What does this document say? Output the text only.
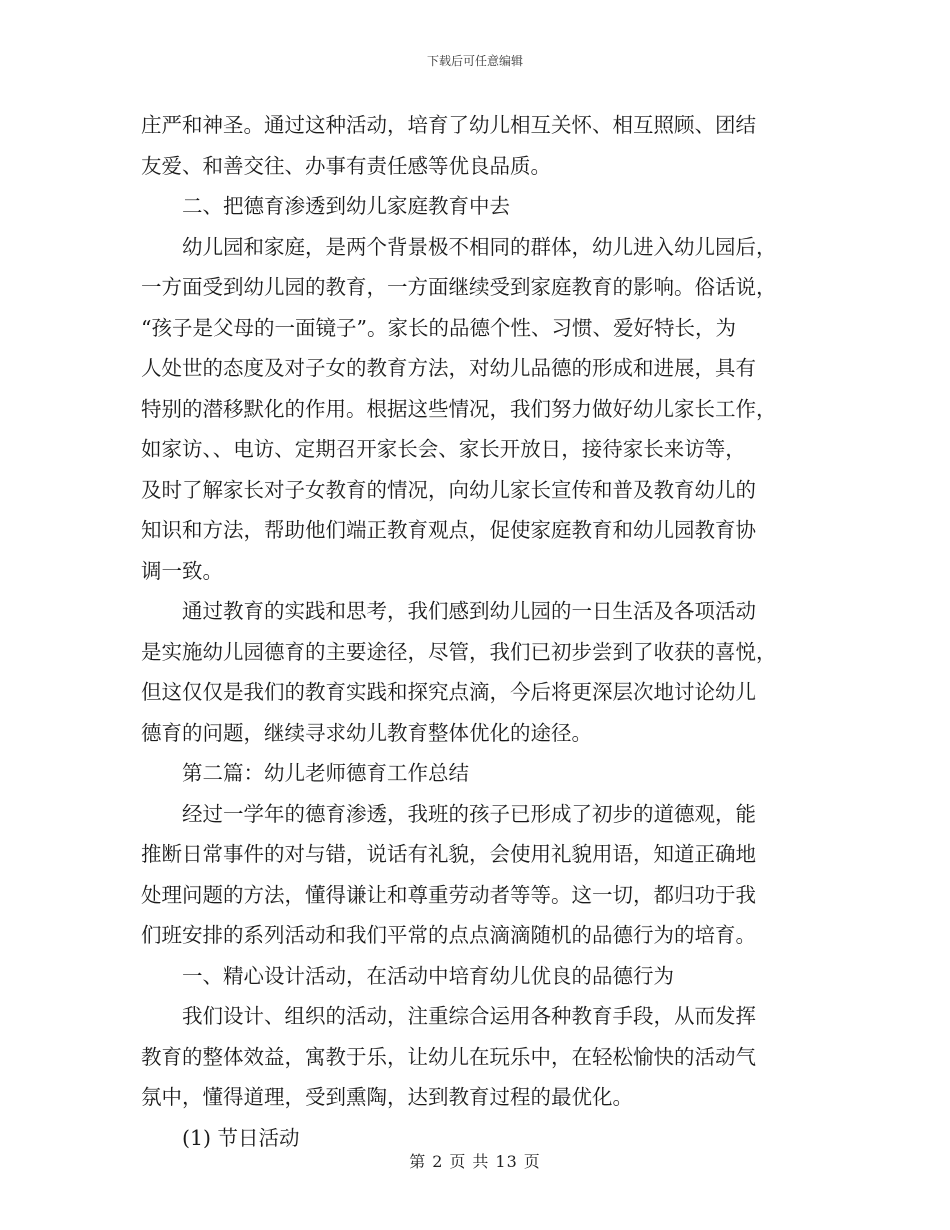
下载后可任意编辑
庄严和神圣。通过这种活动，培育了幼儿相互关怀、相互照顾、团结
友爱、和善交往、办事有责任感等优良品质。
二、把德育渗透到幼儿家庭教育中去
幼儿园和家庭，是两个背景极不相同的群体，幼儿进入幼儿园后，
一方面受到幼儿园的教育，一方面继续受到家庭教育的影响。俗话说，
“孩子是父母的一面镜子”。家长的品德个性、习惯、爱好特长，为
人处世的态度及对子女的教育方法，对幼儿品德的形成和进展，具有
特别的潜移默化的作用。根据这些情况，我们努力做好幼儿家长工作，
如家访、、电访、定期召开家长会、家长开放日，接待家长来访等，
及时了解家长对子女教育的情况，向幼儿家长宣传和普及教育幼儿的
知识和方法，帮助他们端正教育观点，促使家庭教育和幼儿园教育协
调一致。
通过教育的实践和思考，我们感到幼儿园的一日生活及各项活动
是实施幼儿园德育的主要途径，尽管，我们已初步尝到了收获的喜悦，
但这仅仅是我们的教育实践和探究点滴，今后将更深层次地讨论幼儿
德育的问题，继续寻求幼儿教育整体优化的途径。
第二篇：幼儿老师德育工作总结
经过一学年的德育渗透，我班的孩子已形成了初步的道德观，能
推断日常事件的对与错，说话有礼貌，会使用礼貌用语，知道正确地
处理问题的方法，懂得谦让和尊重劳动者等等。这一切，都归功于我
们班安排的系列活动和我们平常的点点滴滴随机的品德行为的培育。
一、精心设计活动，在活动中培育幼儿优良的品德行为
我们设计、组织的活动，注重综合运用各种教育手段，从而发挥
教育的整体效益，寓教于乐，让幼儿在玩乐中，在轻松愉快的活动气
氛中，懂得道理，受到熏陶，达到教育过程的最优化。
(1) 节日活动
第 2 页 共 13 页
